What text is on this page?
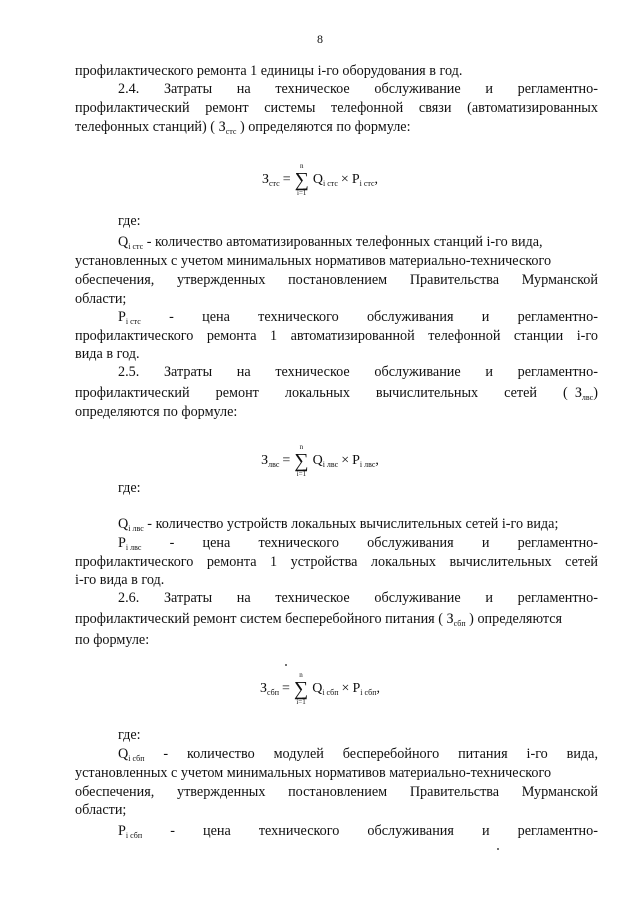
8
профилактического ремонта 1 единицы i-го оборудования в год.
2.4. Затраты на техническое обслуживание и регламентно-
профилактический ремонт системы телефонной связи (автоматизированных
телефонных станций) ( $З_{стс}$ ) определяются по формуле:
$З_{стс}$ =
n
∑
i=1
$Q_{i стс} \times P_{i стс}$,
где:
$Q_{i стс}$ - количество автоматизированных телефонных станций i-го вида,
установленных с учетом минимальных нормативов материально-технического
обеспечения, утвержденных постановлением Правительства Мурманской
области;
$P_{i стс}$ - цена технического обслуживания и регламентно-
профилактического ремонта 1 автоматизированной телефонной станции i-го
вида в год.
2.5. Затраты на техническое обслуживание и регламентно-
профилактический ремонт локальных вычислительных сетей ( $З_{лвс}$)
определяются по формуле:
$З_{лвс}$ =
n
∑
i=1
$Q_{i лвс} \times P_{i лвс}$,
где:
$Q_{i лвс}$ - количество устройств локальных вычислительных сетей i-го вида;
$P_{i лвс}$ - цена технического обслуживания и регламентно-
профилактического ремонта 1 устройства локальных вычислительных сетей
i-го вида в год.
2.6. Затраты на техническое обслуживание и регламентно-
профилактический ремонт систем бесперебойного питания ( $З_{сбп}$ ) определяются
по формуле:
$З_{сбп}$ =
n
∑
i=1
$Q_{i сбп} \times P_{i сбп}$,
где:
$Q_{i сбп}$ - количество модулей бесперебойного питания i-го вида,
установленных с учетом минимальных нормативов материально-технического
обеспечения, утвержденных постановлением Правительства Мурманской
области;
$P_{i сбп}$ - цена технического обслуживания и регламентно-
